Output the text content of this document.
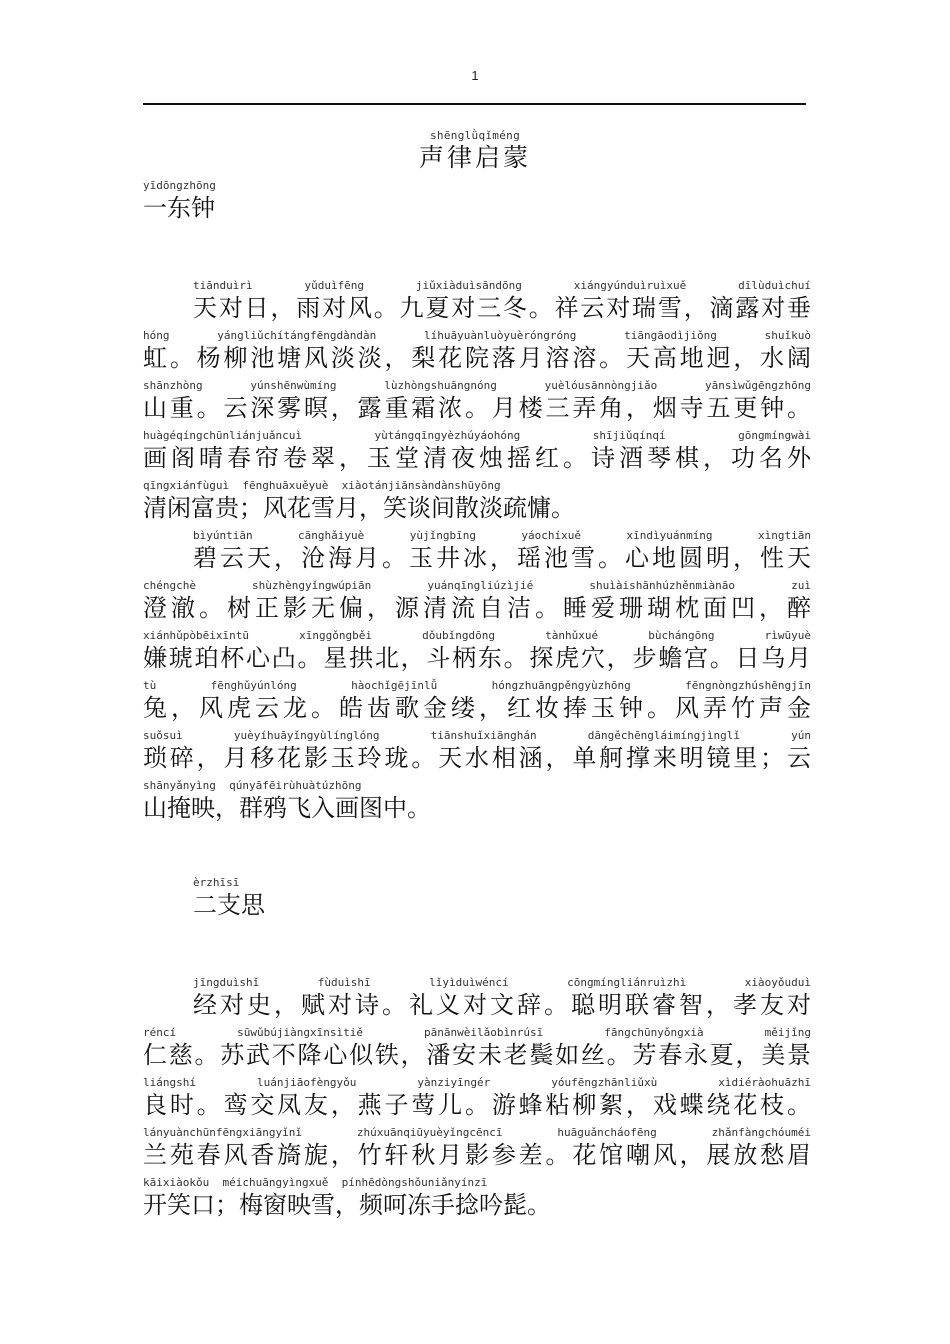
1
shēnglǜqǐméng
声律启蒙
yīdōngzhōng
一东钟
tiānduìrì  yǔduìfēng  jiǔxiàduìsāndōng  xiángyúnduìruìxuě  dīlùduìchuí
天对日，雨对风。九夏对三冬。祥云对瑞雪，滴露对垂
hóng  yángliǔchítángfēngdàndàn  líhuāyuànluòyuèróngróng  tiāngāodìjiǒng  shuǐkuò
虹。杨柳池塘风淡淡，梨花院落月溶溶。天高地迥，水阔
shānzhòng  yúnshēnwùmíng  lùzhòngshuāngnóng  yuèlóusānnòngjiǎo  yānsìwǔgēngzhōng
山重。云深雾暝，露重霜浓。月楼三弄角，烟寺五更钟。
huàgéqíngchūnliánjuǎncuì  yùtángqīngyèzhúyáohóng  shījiǔqínqí  gōngmíngwài
画阁晴春帘卷翠，玉堂清夜烛摇红。诗酒琴棋，功名外
qīngxiánfùguì  fēnghuāxuěyuè  xiàotánjiānsàndànshūyōng
清闲富贵；风花雪月，笑谈间散淡疏慵。
bìyúntiān  cānghǎiyuè  yùjǐngbīng  yáochíxuě  xīndìyuánmíng  xìngtiān
碧云天，沧海月。玉井冰，瑶池雪。心地圆明，性天
chéngchè  shùzhèngyǐngwúpiān  yuánqīngliúzìjié  shuìàishānhúzhěnmiànāo  zuì
澄澈。树正影无偏，源清流自洁。睡爱珊瑚枕面凹，醉
xiánhǔpòbēixīntū  xīnggǒngběi  dǒubǐngdōng  tànhǔxué  bùchángōng  rìwūyuè
嫌琥珀杯心凸。星拱北，斗柄东。探虎穴，步蟾宫。日乌月
tù  fēnghǔyúnlóng  hàochǐgējīnlǚ  hóngzhuāngpěngyùzhōng  fēngnòngzhúshēngjīn
兔，风虎云龙。皓齿歌金缕，红妆捧玉钟。风弄竹声金
suǒsuì  yuèyíhuāyǐngyùlínglóng  tiānshuǐxiānghán  dāngěchēngláimíngjìnglǐ  yún
琐碎，月移花影玉玲珑。天水相涵，单舸撑来明镜里；云
shānyǎnyìng  qúnyāfēirùhuàtúzhōng
山掩映，群鸦飞入画图中。
èrzhīsī
二支思
jīngduìshǐ  fùduìshī  lǐyìduìwéncí  cōngmíngliánruìzhì  xiàoyǒuduì
经对史，赋对诗。礼义对文辞。聪明联睿智，孝友对
réncí  sūwǔbújiàngxīnsìtiě  pānānwèilǎobìnrúsī  fāngchūnyǒngxià  měijǐng
仁慈。苏武不降心似铁，潘安未老鬓如丝。芳春永夏，美景
liángshí  luánjiāofèngyǒu  yànziyīngér  yóufēngzhānliǔxù  xìdiéràohuāzhī
良时。鸾交凤友，燕子莺儿。游蜂粘柳絮，戏蝶绕花枝。
lányuànchūnfēngxiāngyǐnǐ  zhúxuānqiūyuèyǐngcēncī  huāguǎncháofēng  zhǎnfàngchóuméi
兰苑春风香旖旎，竹轩秋月影参差。花馆嘲风，展放愁眉
kāixiàokǒu  méichuāngyìngxuě  pínhēdòngshǒuniǎnyínzī
开笑口；梅窗映雪，频呵冻手捻吟髭。
